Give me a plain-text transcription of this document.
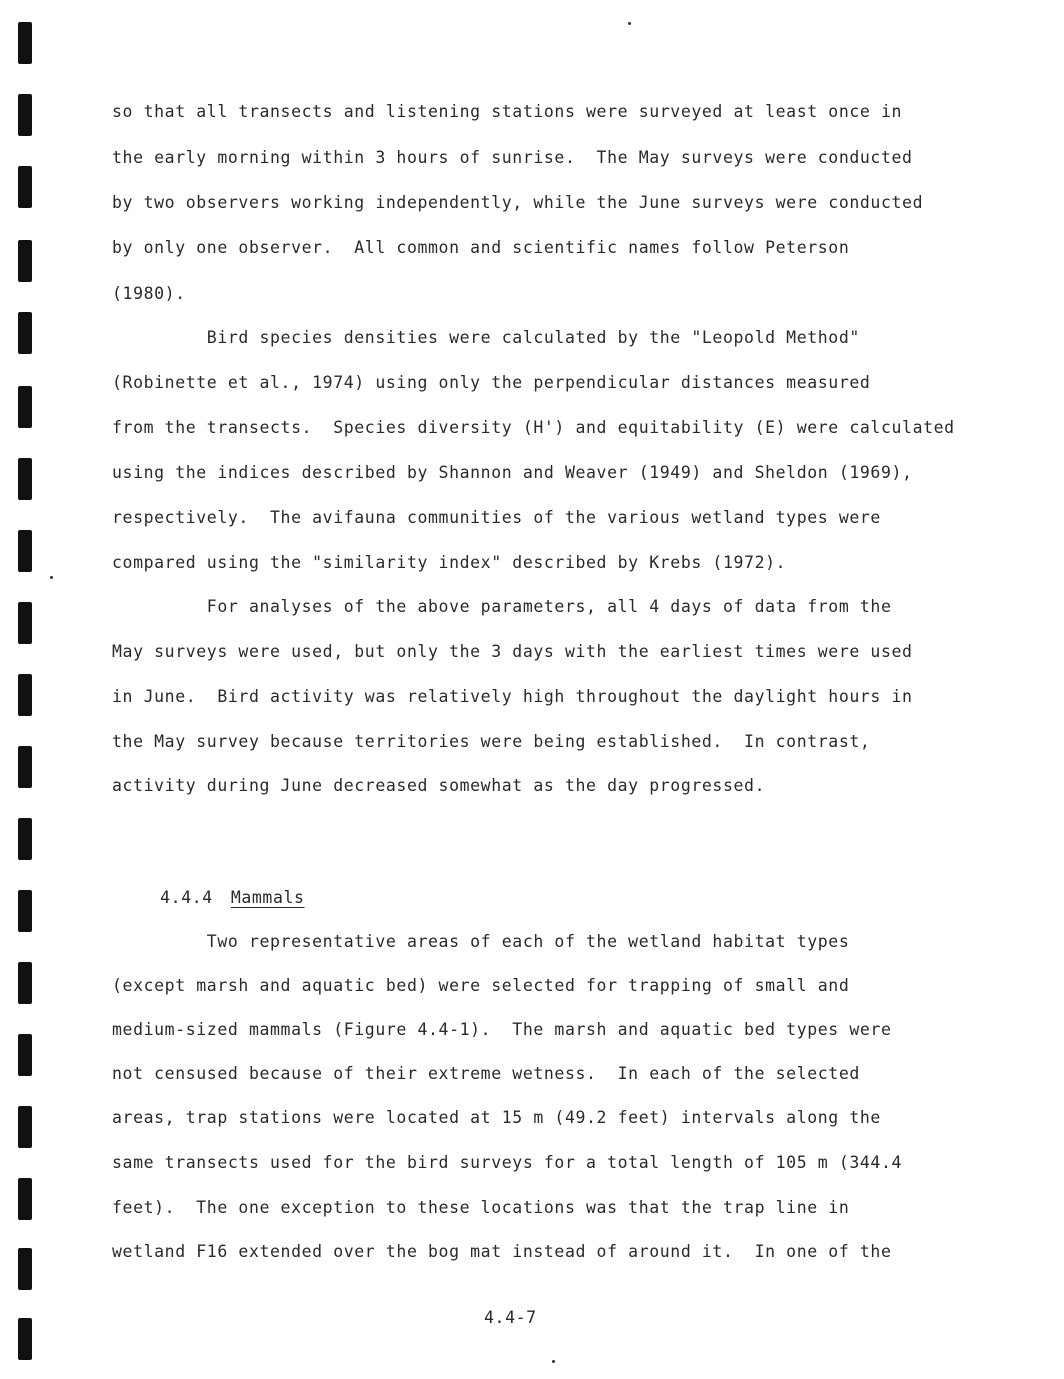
so that all transects and listening stations were surveyed at least once in
the early morning within 3 hours of sunrise.  The May surveys were conducted
by two observers working independently, while the June surveys were conducted
by only one observer.  All common and scientific names follow Peterson
(1980).
Bird species densities were calculated by the "Leopold Method"
(Robinette et al., 1974) using only the perpendicular distances measured
from the transects.  Species diversity (H') and equitability (E) were calculated
using the indices described by Shannon and Weaver (1949) and Sheldon (1969),
respectively.  The avifauna communities of the various wetland types were
compared using the "similarity index" described by Krebs (1972).
For analyses of the above parameters, all 4 days of data from the
May surveys were used, but only the 3 days with the earliest times were used
in June.  Bird activity was relatively high throughout the daylight hours in
the May survey because territories were being established.  In contrast,
activity during June decreased somewhat as the day progressed.

4.4.4 Mammals

Two representative areas of each of the wetland habitat types
(except marsh and aquatic bed) were selected for trapping of small and
medium-sized mammals (Figure 4.4-1).  The marsh and aquatic bed types were
not censused because of their extreme wetness.  In each of the selected
areas, trap stations were located at 15 m (49.2 feet) intervals along the
same transects used for the bird surveys for a total length of 105 m (344.4
feet).  The one exception to these locations was that the trap line in
wetland F16 extended over the bog mat instead of around it.  In one of the
4.4-7
